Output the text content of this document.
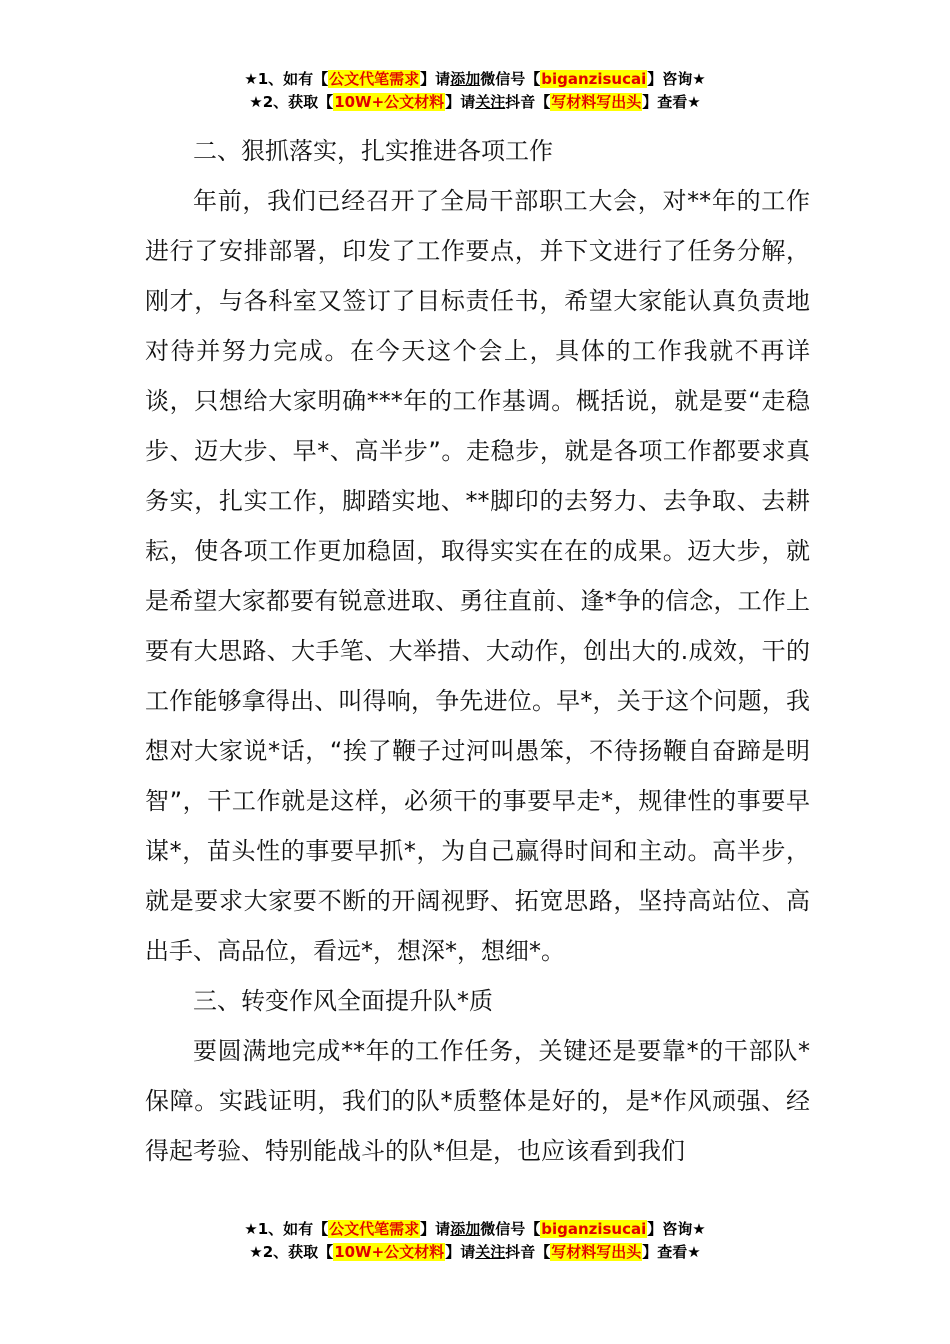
★1、如有【公文代笔需求】请添加微信号【biganzisucai】咨询★
★2、获取【10W+公文材料】请关注抖音【写材料写出头】查看★

二、狠抓落实，扎实推进各项工作

年前，我们已经召开了全局干部职工大会，对**年的工作进行了安排部署，印发了工作要点，并下文进行了任务分解，刚才，与各科室又签订了目标责任书，希望大家能认真负责地对待并努力完成。在今天这个会上，具体的工作我就不再详谈，只想给大家明确***年的工作基调。概括说，就是要“走稳步、迈大步、早*、高半步”。走稳步，就是各项工作都要求真务实，扎实工作，脚踏实地、**脚印的去努力、去争取、去耕耘，使各项工作更加稳固，取得实实在在的成果。迈大步，就是希望大家都要有锐意进取、勇往直前、逢*争的信念，工作上要有大思路、大手笔、大举措、大动作，创出大的.成效，干的工作能够拿得出、叫得响，争先进位。早*，关于这个问题，我想对大家说*话，“挨了鞭子过河叫愚笨，不待扬鞭自奋蹄是明智”，干工作就是这样，必须干的事要早走*，规律性的事要早谋*，苗头性的事要早抓*，为自己赢得时间和主动。高半步，就是要求大家要不断的开阔视野、拓宽思路，坚持高站位、高出手、高品位，看远*，想深*，想细*。

三、转变作风全面提升队*质

要圆满地完成**年的工作任务，关键还是要靠*的干部队*保障。实践证明，我们的队*质整体是好的，是*作风顽强、经得起考验、特别能战斗的队*但是，也应该看到我们

★1、如有【公文代笔需求】请添加微信号【biganzisucai】咨询★
★2、获取【10W+公文材料】请关注抖音【写材料写出头】查看★
